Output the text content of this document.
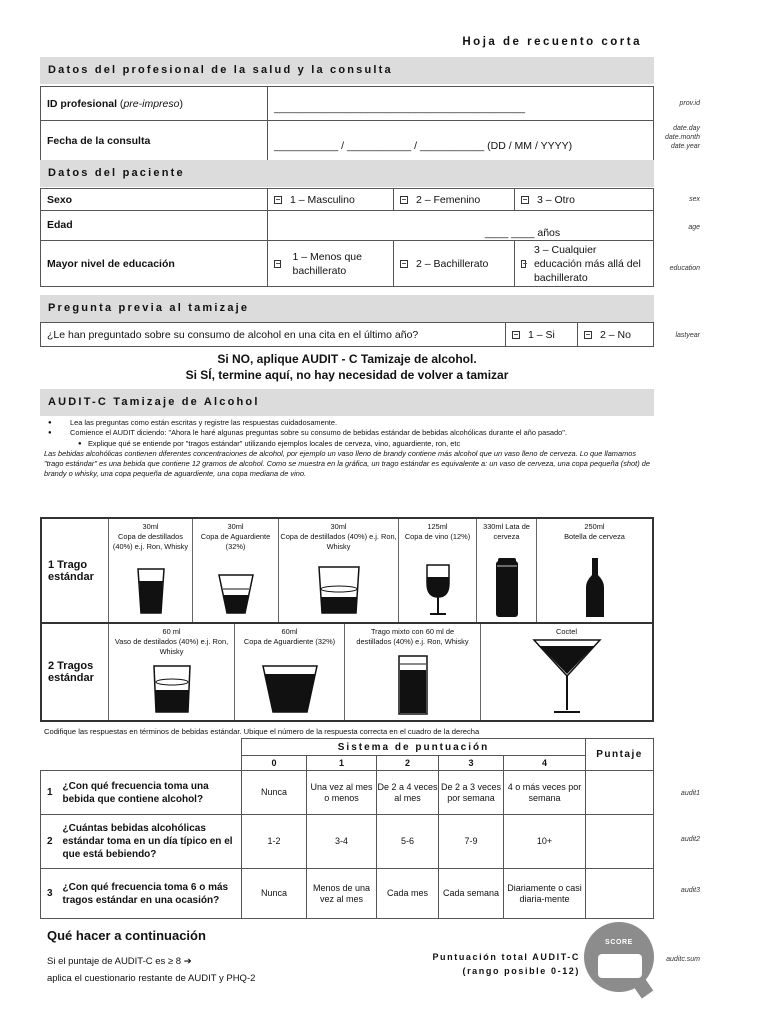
Hoja de recuento corta
Datos del profesional de la salud y la consulta
ID profesional (pre-impreso)	___________________________________________
Fecha de la consulta	___________ / ___________ / ___________ (DD / MM / YYYY)
prov.id
date.day
date.month
date.year
Datos del paciente
Sexo	1 – Masculino	2 – Femenino	3 – Otro

Edad	____ ____ años		
Mayor nivel de educación	1 – Menos que bachillerato	2 – Bachillerato	3 – Cualquier educación más allá del bachillerato
sex
age
education
Pregunta previa al tamizaje
¿Le han preguntado sobre su consumo de alcohol en una cita en el último año?	1 – Si	2 – No	lastyear
Si NO, aplique AUDIT - C Tamizaje de alcohol.
Si SÍ, termine aquí, no hay necesidad de volver a tamizar
AUDIT-C Tamizaje de Alcohol
● Lea las preguntas como están escritas y registre las respuestas cuidadosamente.
● Comience el AUDIT diciendo: "Ahora le haré algunas preguntas sobre su consumo de bebidas estándar de bebidas alcohólicas durante el año pasado".
● Explique qué se entiende por "tragos estándar" utilizando ejemplos locales de cerveza, vino, aguardiente, ron, etc

Las bebidas alcohólicas contienen diferentes concentraciones de alcohol, por ejemplo un vaso lleno de brandy contiene más alcohol que un vaso lleno de cerveza. Lo que llamamos "trago estándar" es una bebida que contiene 12 gramos de alcohol. Como se muestra en la gráfica, un trago estándar es equivalente a: un vaso de cerveza, una copa pequeña (shot) de brandy o whisky, una copa pequeña de aguardiente, una copa mediana de vino.

1 Trago estándar
30ml
Copa de destillados (40%) e.j. Ron, Whisky
30ml
Copa de Aguardiente (32%)
30ml
Copa de destillados (40%) e.j. Ron, Whisky
125ml
Copa de vino (12%)
330ml Lata de
cerveza
250ml
Botella de cerveza
2 Tragos estándar
60 ml
Vaso de destilados (40%) e.j. Ron, Whisky
60ml
Copa de Aguardiente (32%)
Trago mixto con 60 ml de
destillados (40%) e.j. Ron, Whisky
Coctel
Codifique las respuestas en términos de bebidas estándar. Ubique el número de la respuesta correcta en el cuadro de la derecha
		Sistema de puntuación					Puntaje
		0	1	2	3	4	
1	¿Con qué frecuencia toma una bebida que contiene alcohol?	Nunca	Una vez al mes o menos	De 2 a 4 veces al mes	De 2 a 3 veces por semana	4 o más veces por semana	
2	¿Cuántas bebidas alcohólicas estándar toma en un día típico en el que está bebiendo?	1-2	3-4	5-6	7-9	10+	
3	¿Con qué frecuencia toma 6 o más tragos estándar en una ocasión?	Nunca	Menos de una vez al mes	Cada mes	Cada semana	Diariamente o casi diaria-mente	
audit1
audit2
audit3
Qué hacer a continuación
Si el puntaje de AUDIT-C es ≥ 8 ➔
aplica el cuestionario restante de AUDIT y PHQ-2
Puntuación total AUDIT-C
(rango posible 0-12)
SCORE
auditc.sum
